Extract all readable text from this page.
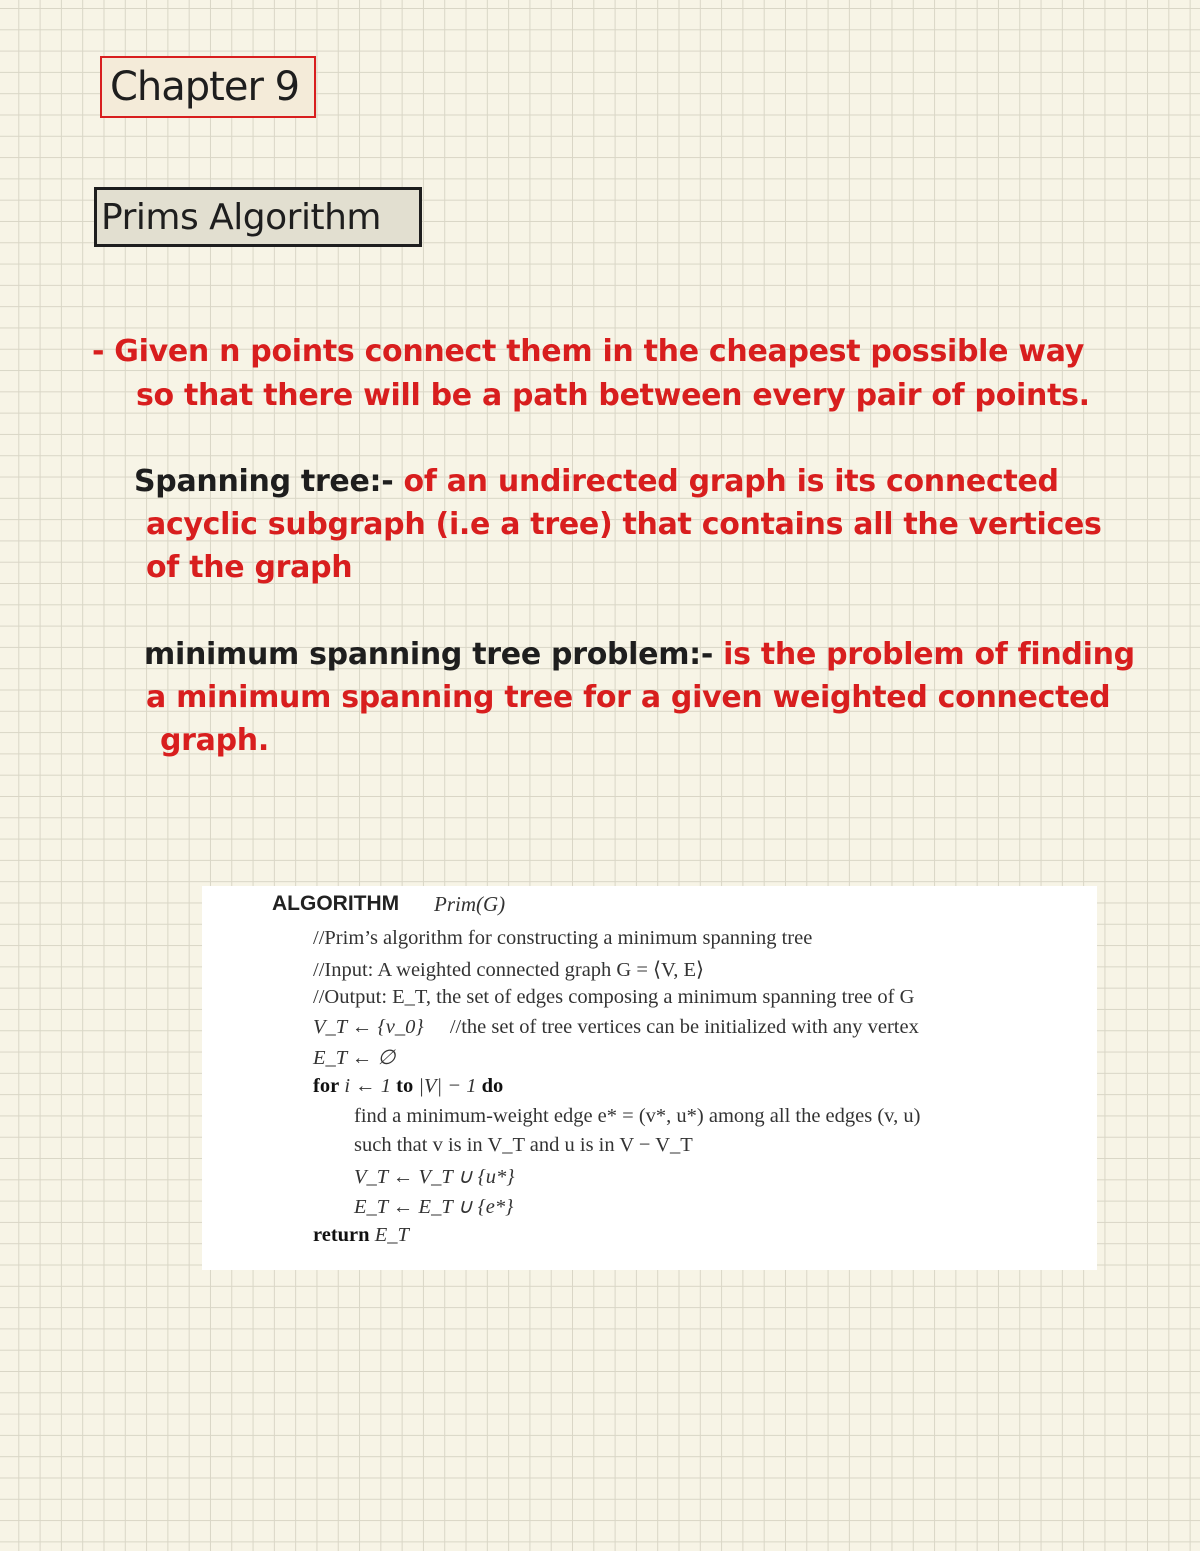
Chapter 9
Prims Algorithm
- Given n points connect them in the cheapest possible way
so that there will be a path between every pair of points.
Spanning tree:- of an undirected graph is its connected
acyclic subgraph (i.e a tree) that contains all the vertices
of the graph
minimum spanning tree problem:- is the problem of finding
a minimum spanning tree for a given weighted connected
graph.
ALGORITHM Prim(G)
//Prim’s algorithm for constructing a minimum spanning tree
//Input: A weighted connected graph G = ⟨V, E⟩
//Output: E_T, the set of edges composing a minimum spanning tree of G
V_T ← {v_0} //the set of tree vertices can be initialized with any vertex
E_T ← ∅
for i ← 1 to |V| − 1 do
find a minimum-weight edge e* = (v*, u*) among all the edges (v, u)
such that v is in V_T and u is in V − V_T
V_T ← V_T ∪ {u*}
E_T ← E_T ∪ {e*}
return E_T
